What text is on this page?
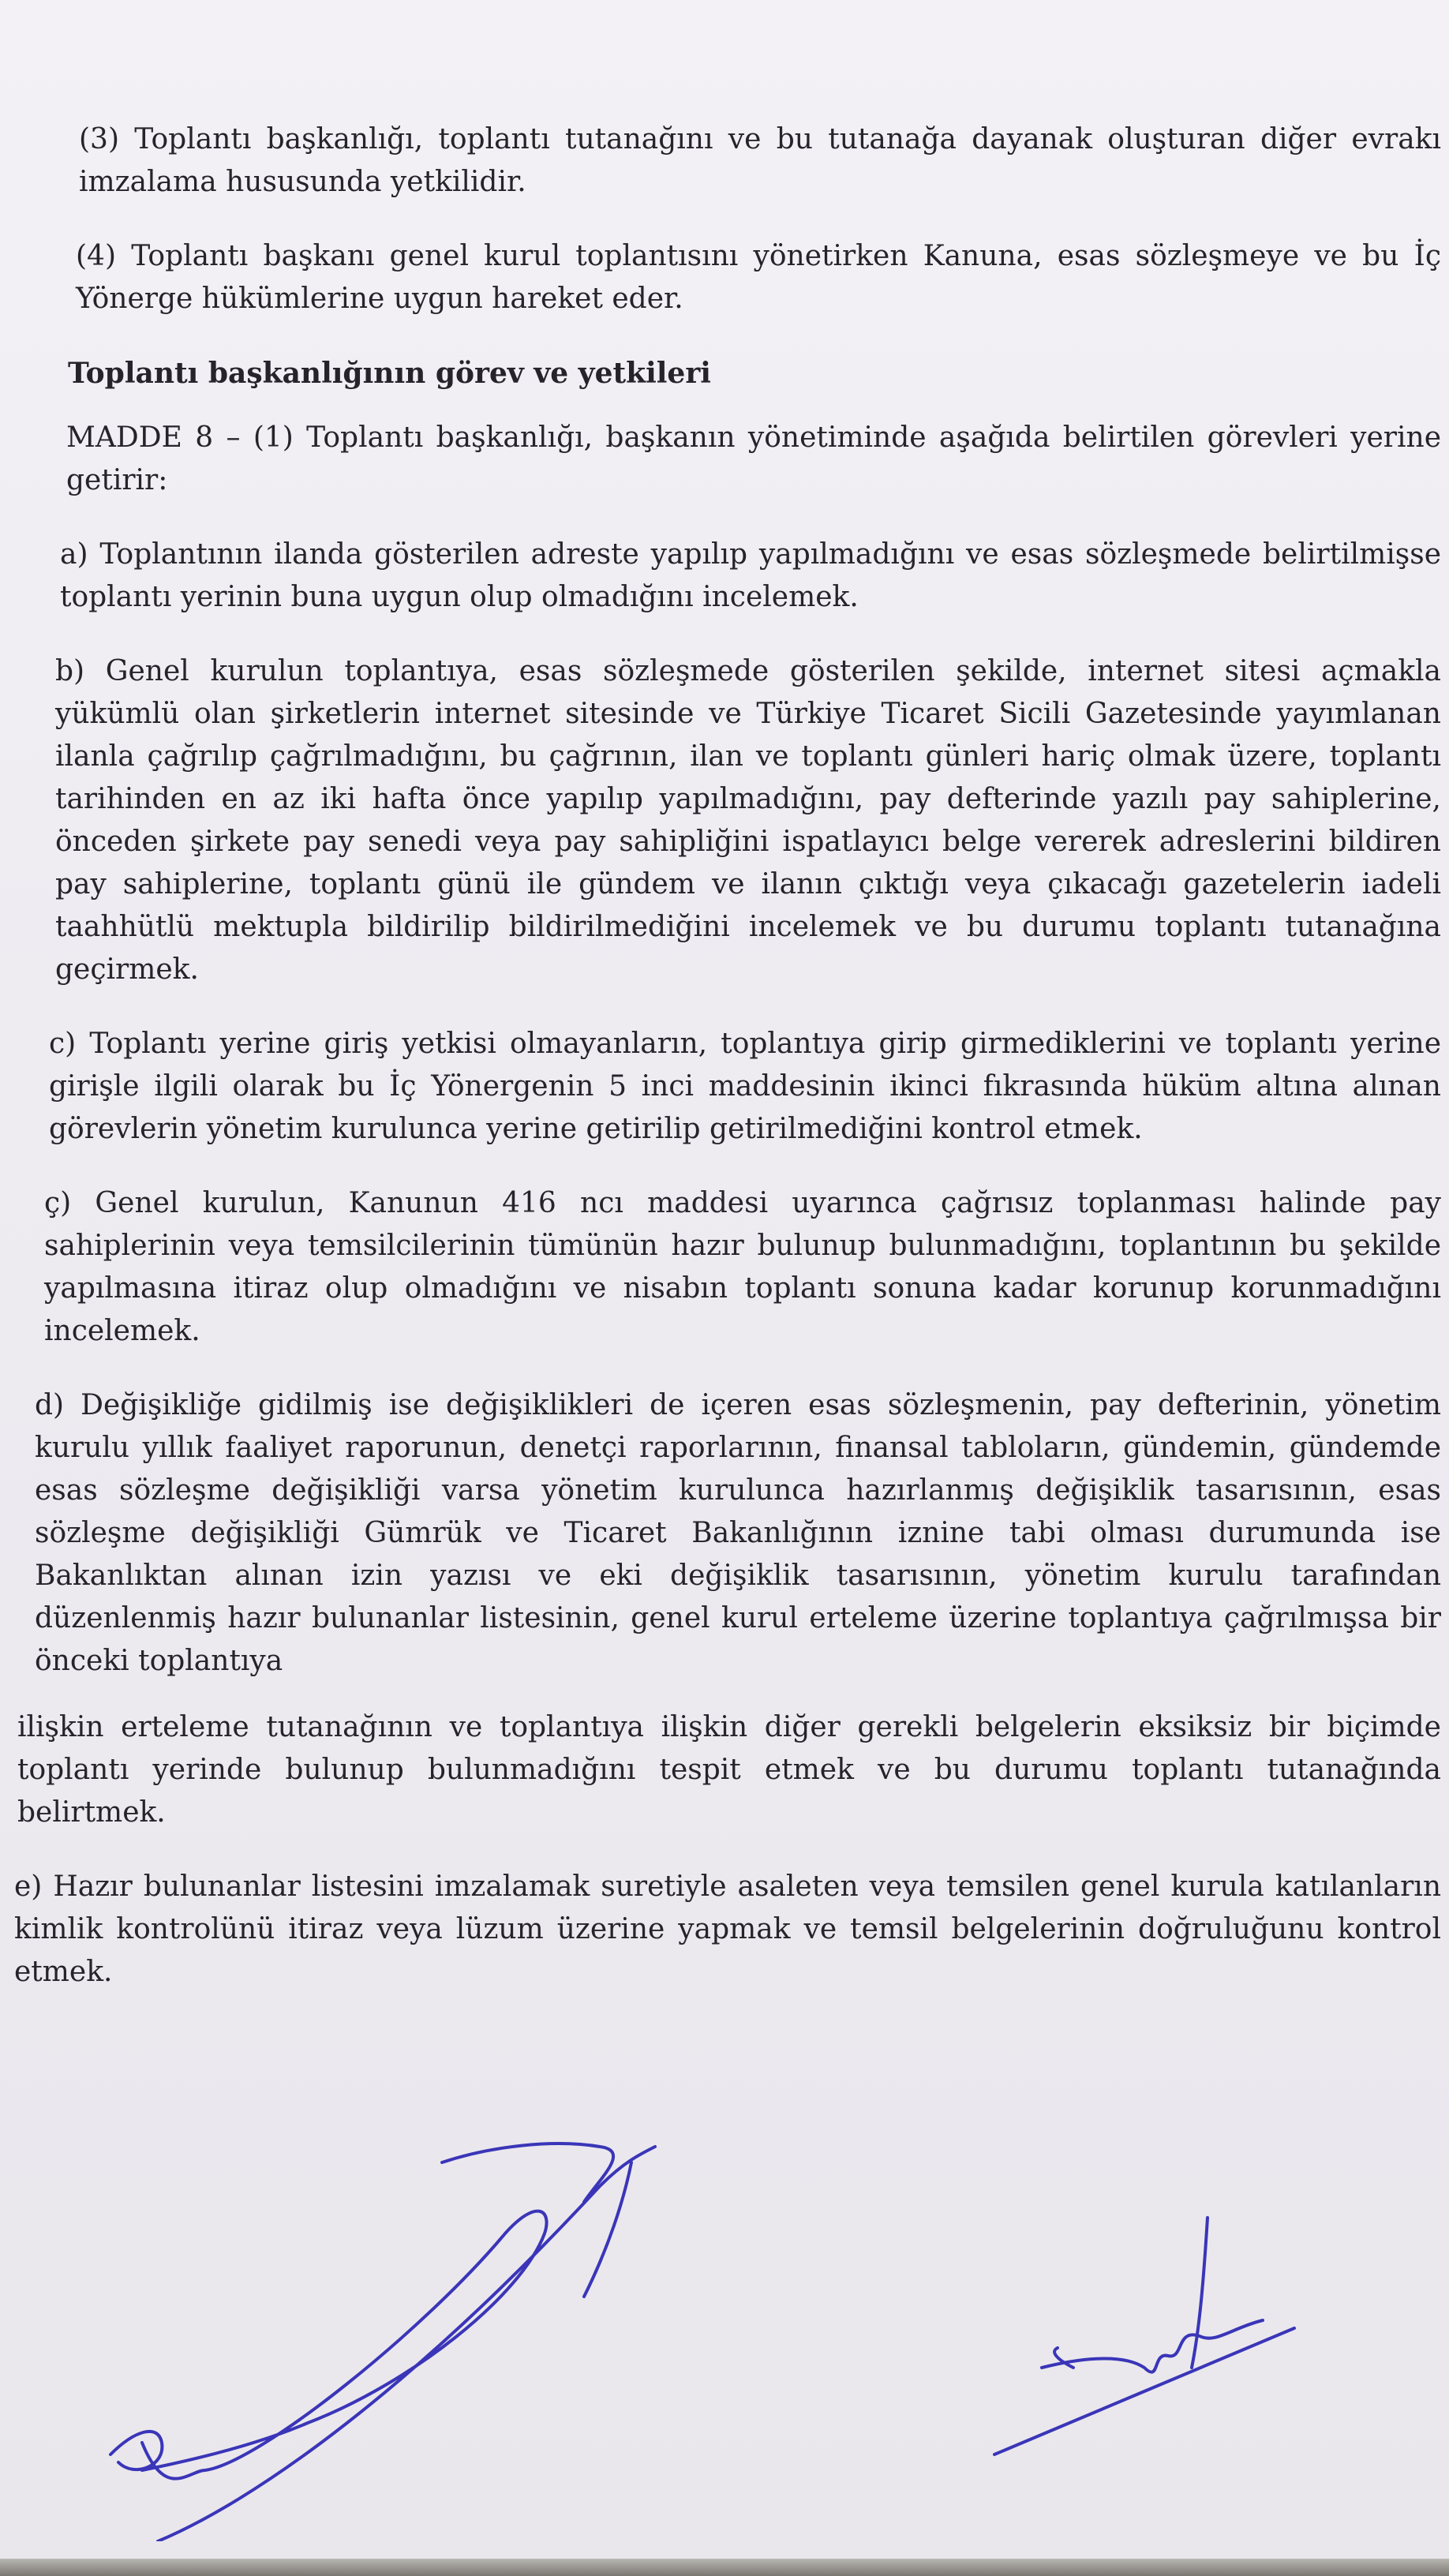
(3) Toplantı başkanlığı, toplantı tutanağını ve bu tutanağa dayanak oluşturan diğer evrakı imzalama hususunda yetkilidir.

(4) Toplantı başkanı genel kurul toplantısını yönetirken Kanuna, esas sözleşmeye ve bu İç Yönerge hükümlerine uygun hareket eder.

Toplantı başkanlığının görev ve yetkileri

MADDE 8 – (1) Toplantı başkanlığı, başkanın yönetiminde aşağıda belirtilen görevleri yerine getirir:

a) Toplantının ilanda gösterilen adreste yapılıp yapılmadığını ve esas sözleşmede belirtilmişse toplantı yerinin buna uygun olup olmadığını incelemek.

b) Genel kurulun toplantıya, esas sözleşmede gösterilen şekilde, internet sitesi açmakla yükümlü olan şirketlerin internet sitesinde ve Türkiye Ticaret Sicili Gazetesinde yayımlanan ilanla çağrılıp çağrılmadığını, bu çağrının, ilan ve toplantı günleri hariç olmak üzere, toplantı tarihinden en az iki hafta önce yapılıp yapılmadığını, pay defterinde yazılı pay sahiplerine, önceden şirkete pay senedi veya pay sahipliğini ispatlayıcı belge vererek adreslerini bildiren pay sahiplerine, toplantı günü ile gündem ve ilanın çıktığı veya çıkacağı gazetelerin iadeli taahhütlü mektupla bildirilip bildirilmediğini incelemek ve bu durumu toplantı tutanağına geçirmek.

c) Toplantı yerine giriş yetkisi olmayanların, toplantıya girip girmediklerini ve toplantı yerine girişle ilgili olarak bu İç Yönergenin 5 inci maddesinin ikinci fıkrasında hüküm altına alınan görevlerin yönetim kurulunca yerine getirilip getirilmediğini kontrol etmek.

ç) Genel kurulun, Kanunun 416 ncı maddesi uyarınca çağrısız toplanması halinde pay sahiplerinin veya temsilcilerinin tümünün hazır bulunup bulunmadığını, toplantının bu şekilde yapılmasına itiraz olup olmadığını ve nisabın toplantı sonuna kadar korunup korunmadığını incelemek.

d) Değişikliğe gidilmiş ise değişiklikleri de içeren esas sözleşmenin, pay defterinin, yönetim kurulu yıllık faaliyet raporunun, denetçi raporlarının, finansal tabloların, gündemin, gündemde esas sözleşme değişikliği varsa yönetim kurulunca hazırlanmış değişiklik tasarısının, esas sözleşme değişikliği Gümrük ve Ticaret Bakanlığının iznine tabi olması durumunda ise Bakanlıktan alınan izin yazısı ve eki değişiklik tasarısının, yönetim kurulu tarafından düzenlenmiş hazır bulunanlar listesinin, genel kurul erteleme üzerine toplantıya çağrılmışsa bir önceki toplantıya

ilişkin erteleme tutanağının ve toplantıya ilişkin diğer gerekli belgelerin eksiksiz bir biçimde toplantı yerinde bulunup bulunmadığını tespit etmek ve bu durumu toplantı tutanağında belirtmek.

e) Hazır bulunanlar listesini imzalamak suretiyle asaleten veya temsilen genel kurula katılanların kimlik kontrolünü itiraz veya lüzum üzerine yapmak ve temsil belgelerinin doğruluğunu kontrol etmek.
